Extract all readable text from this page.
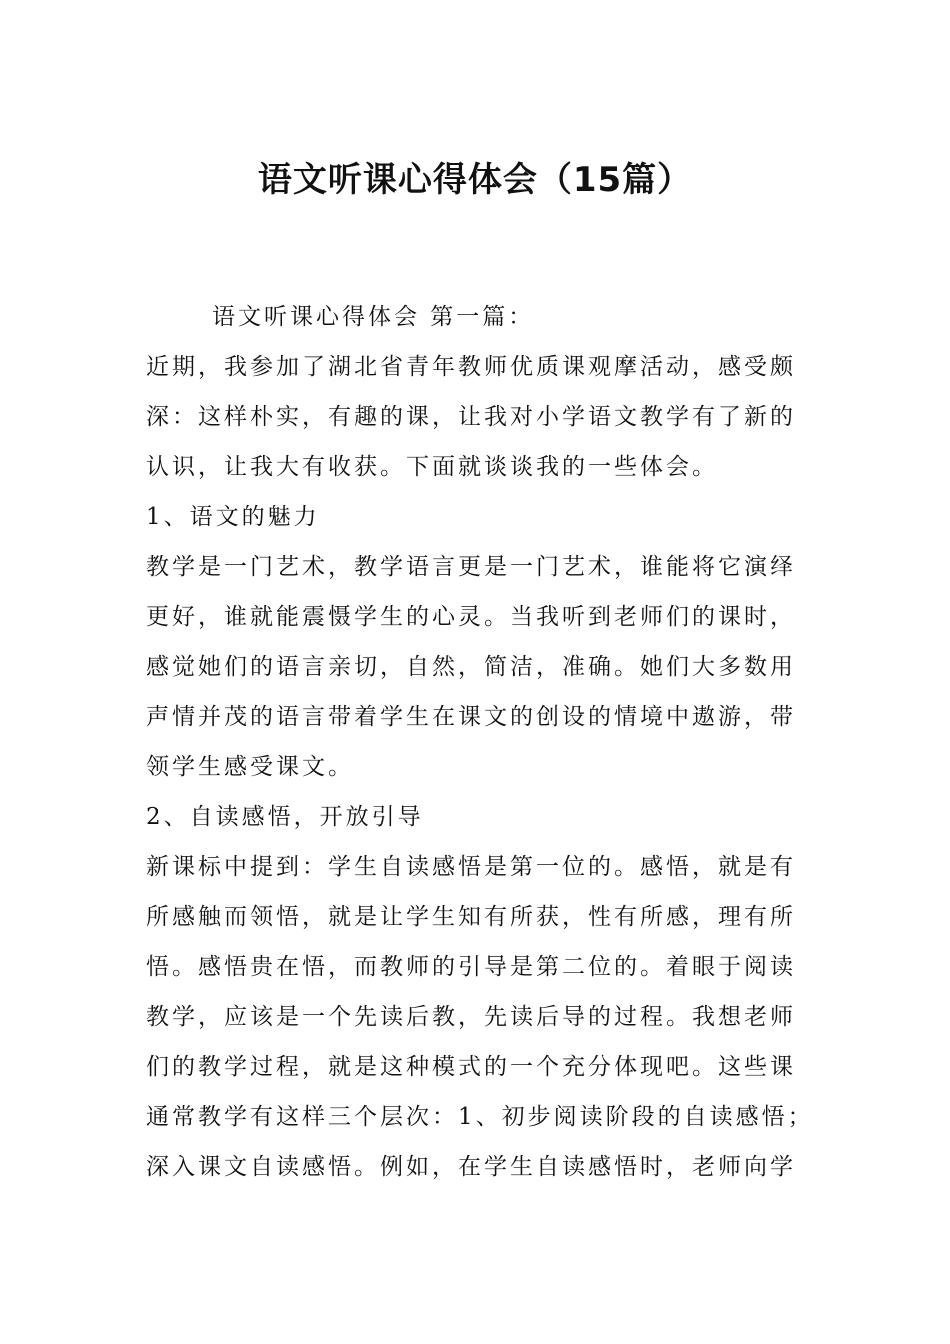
语文听课心得体会（15篇）
语文听课心得体会 第一篇：
近期，我参加了湖北省青年教师优质课观摩活动，感受颇
深：这样朴实，有趣的课，让我对小学语文教学有了新的
认识，让我大有收获。下面就谈谈我的一些体会。
1、语文的魅力
教学是一门艺术，教学语言更是一门艺术，谁能将它演绎
更好，谁就能震慑学生的心灵。当我听到老师们的课时，
感觉她们的语言亲切，自然，简洁，准确。她们大多数用
声情并茂的语言带着学生在课文的创设的情境中遨游，带
领学生感受课文。
2、自读感悟，开放引导
新课标中提到：学生自读感悟是第一位的。感悟，就是有
所感触而领悟，就是让学生知有所获，性有所感，理有所
悟。感悟贵在悟，而教师的引导是第二位的。着眼于阅读
教学，应该是一个先读后教，先读后导的过程。我想老师
们的教学过程，就是这种模式的一个充分体现吧。这些课
通常教学有这样三个层次：1、初步阅读阶段的自读感悟；
深入课文自读感悟。例如，在学生自读感悟时，老师向学
